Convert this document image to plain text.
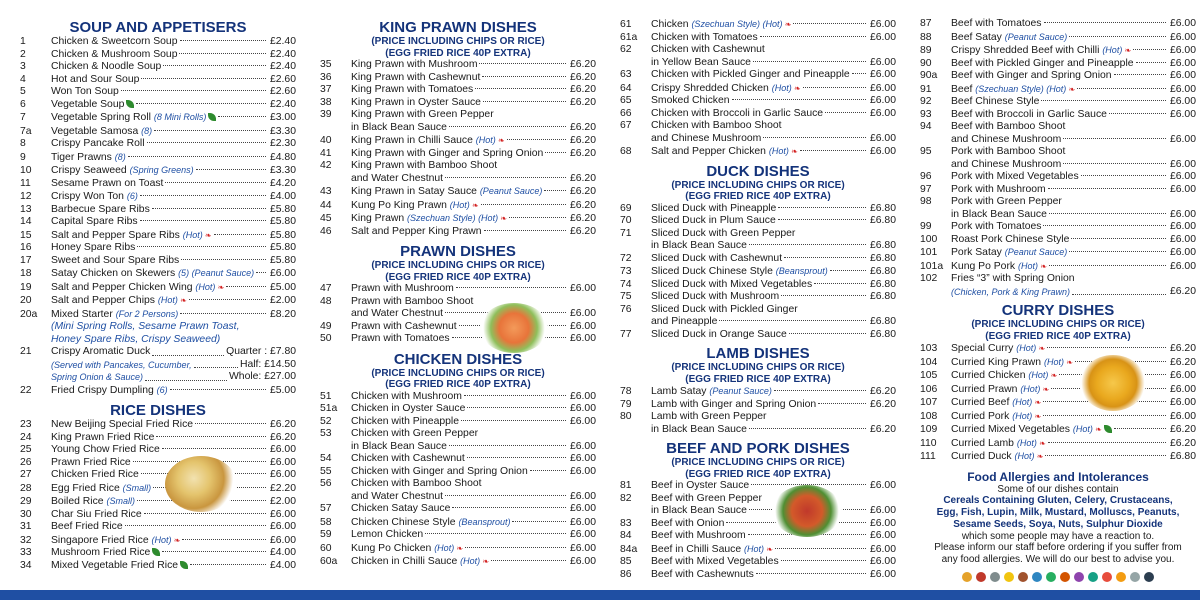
SOUP AND APPETISERS
1	Chicken & Sweetcorn Soup	£2.40
2	Chicken & Mushroom Soup	£2.40
3	Chicken & Noodle Soup	£2.40
4	Hot and Sour Soup	£2.60
5	Won Ton Soup	£2.60
6	Vegetable Soup	£2.40
7	Vegetable Spring Roll (8 Mini Rolls)	£3.00
7a	Vegetable Samosa (8)	£3.30
8	Crispy Pancake Roll	£2.30
9	Tiger Prawns (8)	£4.80
10	Crispy Seaweed (Spring Greens)	£3.30
11	Sesame Prawn on Toast	£4.20
12	Crispy Won Ton (6)	£4.00
13	Barbecue Spare Ribs	£5.80
14	Capital Spare Ribs	£5.80
15	Salt and Pepper Spare Ribs (Hot) ❧	£5.80
16	Honey Spare Ribs	£5.80
17	Sweet and Sour Spare Ribs	£5.80
18	Satay Chicken on Skewers (5) (Peanut Sauce) £6.00
19	Salt and Pepper Chicken Wing (Hot) ❧	£5.00
20	Salt and Pepper Chips (Hot) ❧	£2.00
20a	Mixed Starter (For 2 Persons)	£8.20
(Mini Spring Rolls, Sesame Prawn Toast,
Honey Spare Ribs, Crispy Seaweed)
21	Crispy Aromatic Duck	Quarter : £7.80
(Served with Pancakes, Cucumber,	Half: £14.50
Spring Onion & Sauce)	Whole: £27.00
22	Fried Crispy Dumpling (6)	£5.00
RICE DISHES
23	New Beijing Special Fried Rice	£6.20
24	King Prawn Fried Rice	£6.20
25	Young Chow Fried Rice	£6.00
26	Prawn Fried Rice	£6.00
27	Chicken Fried Rice	£6.00
28	Egg Fried Rice (Small)	£2.20
29	Boiled Rice (Small)	£2.00
30	Char Siu Fried Rice	£6.00
31	Beef Fried Rice	£6.00
32	Singapore Fried Rice (Hot) ❧	£6.00
33	Mushroom Fried Rice	£4.00
34	Mixed Vegetable Fried Rice	£4.00
KING PRAWN DISHES
(PRICE INCLUDING CHIPS OR RICE)
(EGG FRIED RICE 40P EXTRA)
35	King Prawn with Mushroom	£6.20
36	King Prawn with Cashewnut	£6.20
37	King Prawn with Tomatoes	£6.20
38	King Prawn in Oyster Sauce	£6.20
39	King Prawn with Green Pepper
in Black Bean Sauce	£6.20
40	King Prawn in Chilli Sauce (Hot) ❧	£6.20
41	King Prawn with Ginger and Spring Onion	£6.20
42	King Prawn with Bamboo Shoot
and Water Chestnut	£6.20
43	King Prawn in Satay Sauce (Peanut Sauce)	£6.20
44	Kung Po King Prawn (Hot) ❧	£6.20
45	King Prawn (Szechuan Style) (Hot) ❧	£6.20
46	Salt and Pepper King Prawn	£6.20
PRAWN DISHES
(PRICE INCLUDING CHIPS OR RICE)
(EGG FRIED RICE 40P EXTRA)
47	Prawn with Mushroom	£6.00
48	Prawn with Bamboo Shoot
and Water Chestnut	£6.00
49	Prawn with Cashewnut	£6.00
50	Prawn with Tomatoes	£6.00
CHICKEN DISHES
(PRICE INCLUDING CHIPS OR RICE)
(EGG FRIED RICE 40P EXTRA)
51	Chicken with Mushroom	£6.00
51a	Chicken in Oyster Sauce	£6.00
52	Chicken with Pineapple	£6.00
53	Chicken with Green Pepper
in Black Bean Sauce	£6.00
54	Chicken with Cashewnut	£6.00
55	Chicken with Ginger and Spring Onion	£6.00
56	Chicken with Bamboo Shoot
and Water Chestnut	£6.00
57	Chicken Satay Sauce	£6.00
58	Chicken Chinese Style (Beansprout)	£6.00
59	Lemon Chicken	£6.00
60	Kung Po Chicken (Hot) ❧	£6.00
60a	Chicken in Chilli Sauce (Hot) ❧	£6.00
61	Chicken (Szechuan Style) (Hot) ❧	£6.00
61a	Chicken with Tomatoes	£6.00
62	Chicken with Cashewnut
in Yellow Bean Sauce	£6.00
63	Chicken with Pickled Ginger and Pineapple £6.00
64	Crispy Shredded Chicken (Hot) ❧	£6.00
65	Smoked Chicken	£6.00
66	Chicken with Broccoli in Garlic Sauce	£6.00
67	Chicken with Bamboo Shoot
and Chinese Mushroom	£6.00
68	Salt and Pepper Chicken (Hot) ❧	£6.00
DUCK DISHES
(PRICE INCLUDING CHIPS OR RICE)
(EGG FRIED RICE 40P EXTRA)
69	Sliced Duck with Pineapple	£6.80
70	Sliced Duck in Plum Sauce	£6.80
71	Sliced Duck with Green Pepper
in Black Bean Sauce	£6.80
72	Sliced Duck with Cashewnut	£6.80
73	Sliced Duck Chinese Style (Beansprout)	£6.80
74	Sliced Duck with Mixed Vegetables	£6.80
75	Sliced Duck with Mushroom	£6.80
76	Sliced Duck with Pickled Ginger
and Pineapple	£6.80
77	Sliced Duck in Orange Sauce	£6.80
LAMB DISHES
(PRICE INCLUDING CHIPS OR RICE)
(EGG FRIED RICE 40P EXTRA)
78	Lamb Satay (Peanut Sauce)	£6.20
79	Lamb with Ginger and Spring Onion	£6.20
80	Lamb with Green Pepper
in Black Bean Sauce	£6.20
BEEF AND PORK DISHES
(PRICE INCLUDING CHIPS OR RICE)
(EGG FRIED RICE 40P EXTRA)
81	Beef in Oyster Sauce	£6.00
82	Beef with Green Pepper
in Black Bean Sauce	£6.00
83	Beef with Onion	£6.00
84	Beef with Mushroom	£6.00
84a	Beef in Chilli Sauce (Hot) ❧	£6.00
85	Beef with Mixed Vegetables	£6.00
86	Beef with Cashewnuts	£6.00
87	Beef with Tomatoes	£6.00
88	Beef Satay (Peanut Sauce)	£6.00
89	Crispy Shredded Beef with Chilli (Hot) ❧	£6.00
90	Beef with Pickled Ginger and Pineapple	£6.00
90a	Beef with Ginger and Spring Onion	£6.00
91	Beef (Szechuan Style) (Hot) ❧	£6.00
92	Beef Chinese Style	£6.00
93	Beef with Broccoli in Garlic Sauce	£6.00
94	Beef with Bamboo Shoot
and Chinese Mushroom	£6.00
95	Pork with Bamboo Shoot
and Chinese Mushroom	£6.00
96	Pork with Mixed Vegetables	£6.00
97	Pork with Mushroom	£6.00
98	Pork with Green Pepper
in Black Bean Sauce	£6.00
99	Pork with Tomatoes	£6.00
100	Roast Pork Chinese Style	£6.00
101	Pork Satay (Peanut Sauce)	£6.00
101a Kung Po Pork (Hot) ❧	£6.00
102	Fries “3” with Spring Onion
(Chicken, Pork & King Prawn)	£6.20
CURRY DISHES
(PRICE INCLUDING CHIPS OR RICE)
(EGG FRIED RICE 40P EXTRA)
103	Special Curry (Hot) ❧	£6.20
104	Curried King Prawn (Hot) ❧	£6.20
105	Curried Chicken (Hot) ❧	£6.00
106	Curried Prawn (Hot) ❧	£6.00
107	Curried Beef (Hot) ❧	£6.00
108	Curried Pork (Hot) ❧	£6.00
109	Curried Mixed Vegetables (Hot) ❧	£6.20
110	Curried Lamb (Hot) ❧	£6.20
111	Curried Duck (Hot) ❧	£6.80
Food Allergies and Intolerances
Some of our dishes contain
Cereals Containing Gluten, Celery, Crustaceans,
Egg, Fish, Lupin, Milk, Mustard, Molluscs, Peanuts,
Sesame Seeds, Soya, Nuts, Sulphur Dioxide
which some people may have a reaction to.
Please inform our staff before ordering if you suffer from
any food allergies. We will do our best to advise you.
